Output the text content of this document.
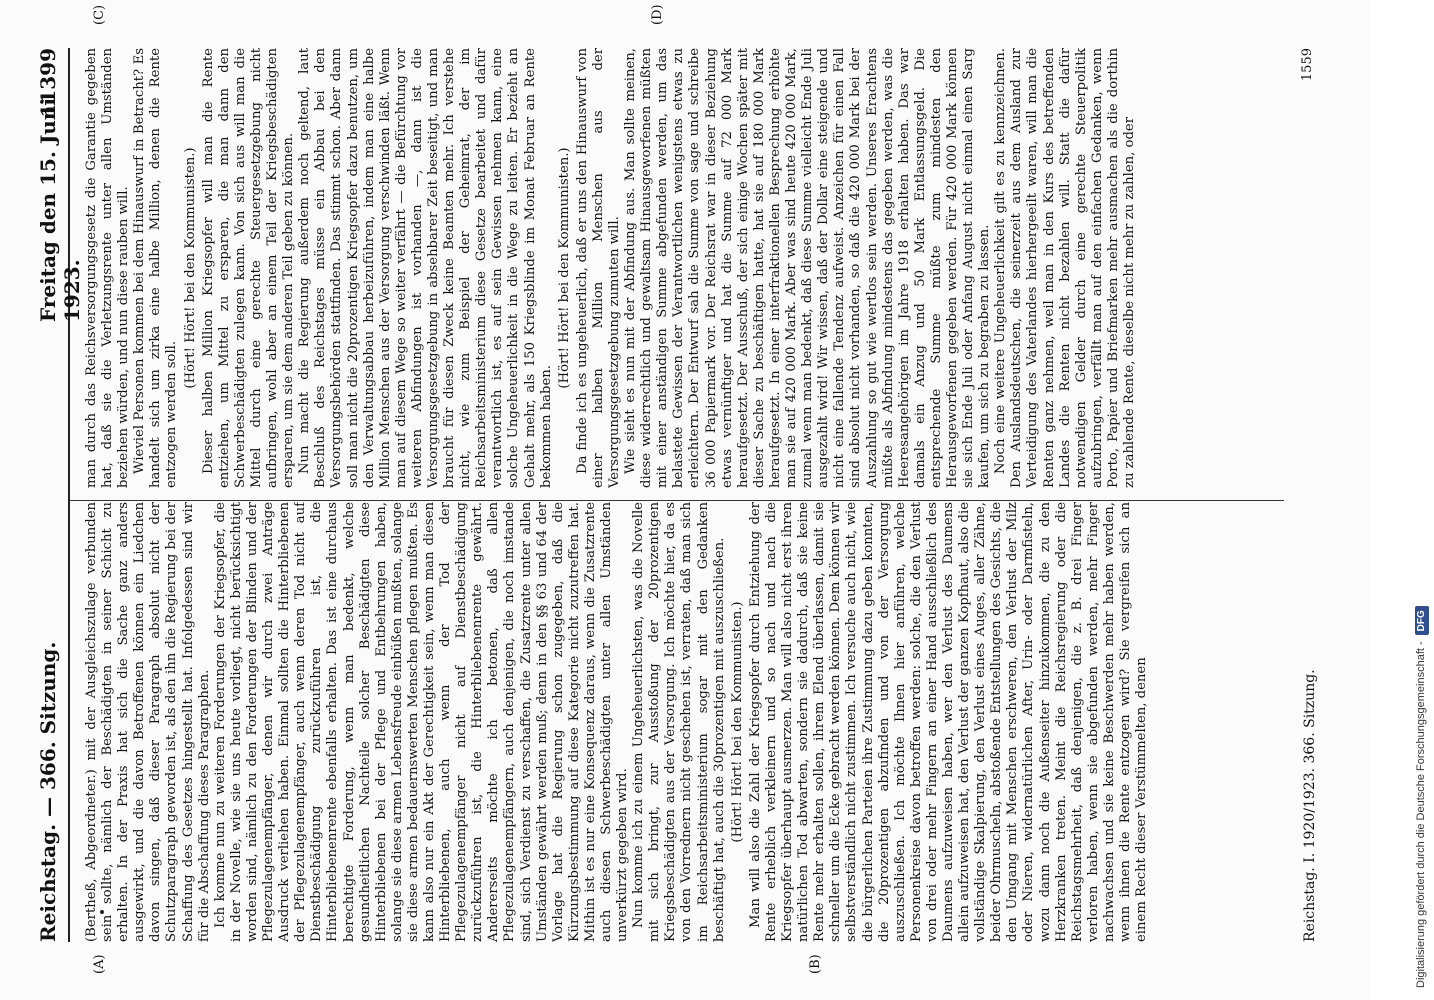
Reichstag. — 366. Sitzung.
Freitag den 15. Juni 1923.
11399
(A)	(B)
(C)	(D)

(Bertheß, Abgeordneter.) mit der Ausgleichszulage verbunden sein sollte, nämlich der Beschädigten in seiner Schicht zu erhalten. In der Praxis hat sich die Sache ganz anders ausgewirkt, und die davon Betroffenen können ein Liedchen davon singen, daß dieser Paragraph absolut nicht der Schutzparagraph geworden ist, als den ihn die Regierung bei der Schaffung des Gesetzes hingestellt hat. Infolgedessen sind wir für die Abschaffung dieses Paragraphen. Ich komme nun zu weiteren Forderungen der Kriegsopfer, die in der Novelle, wie sie uns heute vorliegt, nicht berücksichtigt worden sind, nämlich zu den Forderungen der Blinden und der Pflegezulagenempfänger, denen wir durch zwei Anträge Ausdruck verliehen haben. Einmal sollten die Hinterbliebenen der Pflegezulagenempfänger, auch wenn deren Tod nicht auf Dienstbeschädigung zurückzuführen ist, die Hinterbliebenenrente ebenfalls erhalten. Das ist eine durchaus berechtigte Forderung, wenn man bedenkt, welche gesundheitlichen Nachteile solcher Beschädigten diese Hinterbliebenen bei der Pflege und Entbehrungen haben, solange sie diese armen Lebensfreude einbüßen mußten, solange sie diese armen bedauernswerten Menschen pflegen mußten. Es kann also nur ein Akt der Gerechtigkeit sein, wenn man diesen Hinterbliebenen, auch wenn der Tod der Pflegezulagenempfänger nicht auf Dienstbeschädigung zurückzuführen ist, die Hinterbliebenenrente gewährt. Andererseits möchte ich betonen, daß allen Pflegezulagenempfängern, auch denjenigen, die noch imstande sind, sich Verdienst zu verschaffen, die Zusatzrente unter allen Umständen gewährt werden muß; denn in den §§ 63 und 64 der Vorlage hat die Regierung schon zugegeben, daß die Kürzungsbestimmung auf diese Kategorie nicht zuzutreffen hat. Mithin ist es nur eine Konsequenz daraus, wenn die Zusatzrente auch diesen Schwerbeschädigten unter allen Umständen unverkürzt gegeben wird. Nun komme ich zu einem Ungeheuerlichsten, was die Novelle mit sich bringt, zur Ausstoßung der 20prozentigen Kriegsbeschädigten aus der Versorgung. Ich möchte hier, da es von den Vorrednern nicht geschehen ist, verraten, daß man sich im Reichsarbeitsministerium sogar mit den Gedanken beschäftigt hat, auch die 30prozentigen mit auszuschließen. (Hört! Hört! bei den Kommunisten.) Man will also die Zahl der Kriegsopfer durch Entziehung der Rente erheblich verkleinern und so nach und nach die Kriegsopfer überhaupt ausmerzen. Man will also nicht erst ihren natürlichen Tod abwarten, sondern sie dadurch, daß sie keine Rente mehr erhalten sollen, ihrem Elend überlassen, damit sie schneller um die Ecke gebracht werden können. Dem können wir selbstverständlich nicht zustimmen. Ich versuche auch nicht, wie die bürgerlichen Parteien ihre Zustimmung dazu geben konnten, die 20prozentigen abzufinden und von der Versorgung auszuschließen. Ich möchte Ihnen hier anführen, welche Personenkreise davon betroffen werden: solche, die den Verlust von drei oder mehr Fingern an einer Hand ausschließlich des Daumens aufzuweisen haben, wer den Verlust des Daumens allein aufzuweisen hat, den Verlust der ganzen Kopfhaut, also die vollständige Skalpierung, den Verlust eines Auges, aller Zähne, beider Ohrmuscheln, abstoßende Entstellungen des Gesichts, die den Umgang mit Menschen erschweren, den Verlust der Milz oder Nieren, widernatürlichen After, Urin- oder Darmfisteln, wozu dann noch die Außenseiter hinzukommen, die zu den Herzkranken treten. Meint die Reichsregierung oder die Reichstagsmehrheit, daß denjenigen, die z. B. drei Finger verloren haben, wenn sie abgefunden werden, mehr Finger nachwachsen und sie keine Beschwerden mehr haben werden, wenn ihnen die Rente entzogen wird? Sie vergreifen sich an einem Recht dieser Verstümmelten, denen

man durch das Reichsversorgungsgesetz die Garantie gegeben hat, daß sie die Verletzungsrente unter allen Umständen beziehen würden, und nun diese rauben will. Wieviel Personen kommen bei dem Hinauswurf in Betracht? Es handelt sich um zirka eine halbe Million, denen die Rente entzogen werden soll.

(Hört! Hört! bei den Kommunisten.) Dieser halben Million Kriegsopfer will man die Rente entziehen, um Mittel zu ersparen, die man dann den Schwerbeschädigten zulegen kann. Von sich aus will man die Mittel durch eine gerechte Steuergesetzgebung nicht aufbringen, wohl aber an einem Teil der Kriegsbeschädigten ersparen, um sie dem anderen Teil geben zu können. Nun macht die Regierung außerdem noch geltend, laut Beschluß des Reichstages müsse ein Abbau bei den Versorgungsbehörden stattfinden. Das stimmt schon. Aber dann soll man nicht die 20prozentigen Kriegsopfer dazu benutzen, um den Verwaltungsabbau herbeizuführen, indem man eine halbe Million Menschen aus der Versorgung verschwinden läßt. Wenn man auf diesem Wege so weiter verfährt — die Befürchtung vor weiteren Abfindungen ist vorhanden —, dann ist die Versorgungsgesetzgebung in absehbarer Zeit beseitigt, und man braucht für diesen Zweck keine Beamten mehr. Ich verstehe nicht, wie zum Beispiel der Geheimrat, der im Reichsarbeitsministerium diese Gesetze bearbeitet und dafür verantwortlich ist, es auf sein Gewissen nehmen kann, eine solche Ungeheuerlichkeit in die Wege zu leiten. Er bezieht an Gehalt mehr, als 150 Kriegsblinde im Monat Februar an Rente bekommen haben.

(Hört! Hört! bei den Kommunisten.) Da finde ich es ungeheuerlich, daß er uns den Hinauswurf von einer halben Million Menschen aus der Versorgungsgesetzgebung zumuten will. Wie sieht es nun mit der Abfindung aus. Man sollte meinen, diese widerrechtlich und gewaltsam Hinausgeworfenen müßten mit einer anständigen Summe abgefunden werden, um das belastete Gewissen der Verantwortlichen wenigstens etwas zu erleichtern. Der Entwurf sah die Summe von sage und schreibe 36 000 Papiermark vor. Der Reichsrat war in dieser Beziehung etwas vernünftiger und hat die Summe auf 72 000 Mark heraufgesetzt. Der Ausschuß, der sich einige Wochen später mit dieser Sache zu beschäftigen hatte, hat sie auf 180 000 Mark heraufgesetzt. In einer interfraktionellen Besprechung erhöhte man sie auf 420 000 Mark. Aber was sind heute 420 000 Mark, zumal wenn man bedenkt, daß diese Summe vielleicht Ende Juli ausgezahlt wird! Wir wissen, daß der Dollar eine steigende und nicht eine fallende Tendenz aufweist. Anzeichen für einen Fall sind absolut nicht vorhanden, so daß die 420 000 Mark bei der Auszahlung so gut wie wertlos sein werden. Unseres Erachtens müßte als Abfindung mindestens das gegeben werden, was die Heeresangehörigen im Jahre 1918 erhalten haben. Das war damals ein Anzug und 50 Mark Entlassungsgeld. Die entsprechende Summe müßte zum mindesten den Herausgeworfenen gegeben werden. Für 420 000 Mark können sie sich Ende Juli oder Anfang August nicht einmal einen Sarg kaufen, um sich zu begraben zu lassen. Noch eine weitere Ungeheuerlichkeit gilt es zu kennzeichnen. Den Auslandsdeutschen, die seinerzeit aus dem Ausland zur Verteidigung des Vaterlandes hierhergeeilt waren, will man die Renten ganz nehmen, weil man in den Kurs des betreffenden Landes die Renten nicht bezahlen will. Statt die dafür notwendigen Gelder durch eine gerechte Steuerpolitik aufzubringen, verfällt man auf den einfachen Gedanken, wenn Porto, Papier und Briefmarken mehr ausmachen als die dorthin zu zahlende Rente, dieselbe nicht mehr zu zahlen, oder

Reichstag. I. 1920/1923. 366. Sitzung.
1559
Digitalisierung gefördert durch die Deutsche Forschungsgemeinschaft -DFG
